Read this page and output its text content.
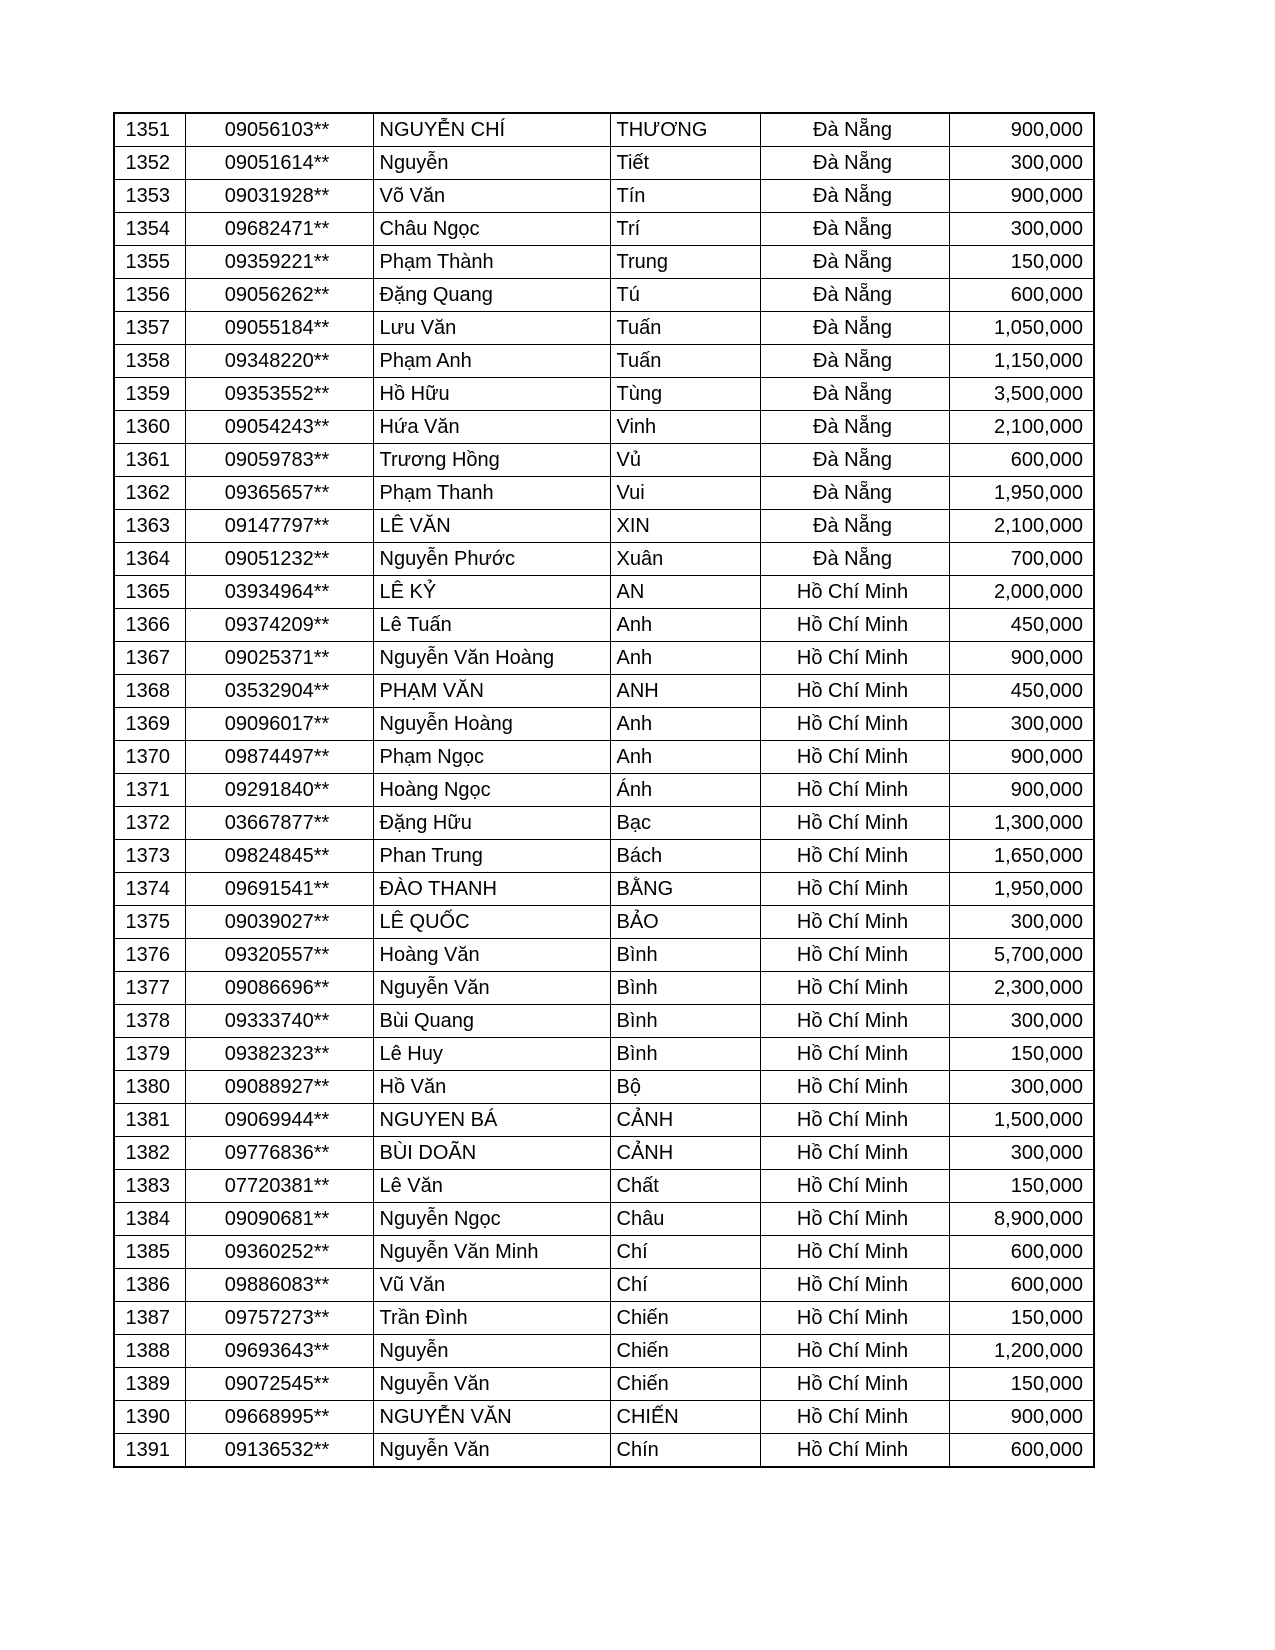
1351	09056103**	NGUYỄN CHÍ	THƯƠNG	Đà Nẵng	900,000
1352	09051614**	Nguyễn	Tiết	Đà Nẵng	300,000
1353	09031928**	Võ Văn	Tín	Đà Nẵng	900,000
1354	09682471**	Châu Ngọc	Trí	Đà Nẵng	300,000
1355	09359221**	Phạm Thành	Trung	Đà Nẵng	150,000
1356	09056262**	Đặng Quang	Tú	Đà Nẵng	600,000
1357	09055184**	Lưu Văn	Tuấn	Đà Nẵng	1,050,000
1358	09348220**	Phạm Anh	Tuấn	Đà Nẵng	1,150,000
1359	09353552**	Hồ Hữu	Tùng	Đà Nẵng	3,500,000
1360	09054243**	Hứa Văn	Vinh	Đà Nẵng	2,100,000
1361	09059783**	Trương Hồng	Vủ	Đà Nẵng	600,000
1362	09365657**	Phạm Thanh	Vui	Đà Nẵng	1,950,000
1363	09147797**	LÊ VĂN	XIN	Đà Nẵng	2,100,000
1364	09051232**	Nguyễn Phước	Xuân	Đà Nẵng	700,000
1365	03934964**	LÊ KỶ	AN	Hồ Chí Minh	2,000,000
1366	09374209**	Lê Tuấn	Anh	Hồ Chí Minh	450,000
1367	09025371**	Nguyễn Văn Hoàng	Anh	Hồ Chí Minh	900,000
1368	03532904**	PHẠM VĂN	ANH	Hồ Chí Minh	450,000
1369	09096017**	Nguyễn Hoàng	Anh	Hồ Chí Minh	300,000
1370	09874497**	Phạm Ngọc	Anh	Hồ Chí Minh	900,000
1371	09291840**	Hoàng Ngọc	Ánh	Hồ Chí Minh	900,000
1372	03667877**	Đặng Hữu	Bạc	Hồ Chí Minh	1,300,000
1373	09824845**	Phan Trung	Bách	Hồ Chí Minh	1,650,000
1374	09691541**	ĐÀO THANH	BẰNG	Hồ Chí Minh	1,950,000
1375	09039027**	LÊ QUỐC	BẢO	Hồ Chí Minh	300,000
1376	09320557**	Hoàng Văn	Bình	Hồ Chí Minh	5,700,000
1377	09086696**	Nguyễn Văn	Bình	Hồ Chí Minh	2,300,000
1378	09333740**	Bùi Quang	Bình	Hồ Chí Minh	300,000
1379	09382323**	Lê Huy	Bình	Hồ Chí Minh	150,000
1380	09088927**	Hồ Văn	Bộ	Hồ Chí Minh	300,000
1381	09069944**	NGUYEN BÁ	CẢNH	Hồ Chí Minh	1,500,000
1382	09776836**	BÙI DOÃN	CẢNH	Hồ Chí Minh	300,000
1383	07720381**	Lê Văn	Chất	Hồ Chí Minh	150,000
1384	09090681**	Nguyễn Ngọc	Châu	Hồ Chí Minh	8,900,000
1385	09360252**	Nguyễn Văn Minh	Chí	Hồ Chí Minh	600,000
1386	09886083**	Vũ Văn	Chí	Hồ Chí Minh	600,000
1387	09757273**	Trần Đình	Chiến	Hồ Chí Minh	150,000
1388	09693643**	Nguyễn	Chiến	Hồ Chí Minh	1,200,000
1389	09072545**	Nguyễn Văn	Chiến	Hồ Chí Minh	150,000
1390	09668995**	NGUYỄN VĂN	CHIẾN	Hồ Chí Minh	900,000
1391	09136532**	Nguyễn Văn	Chín	Hồ Chí Minh	600,000
